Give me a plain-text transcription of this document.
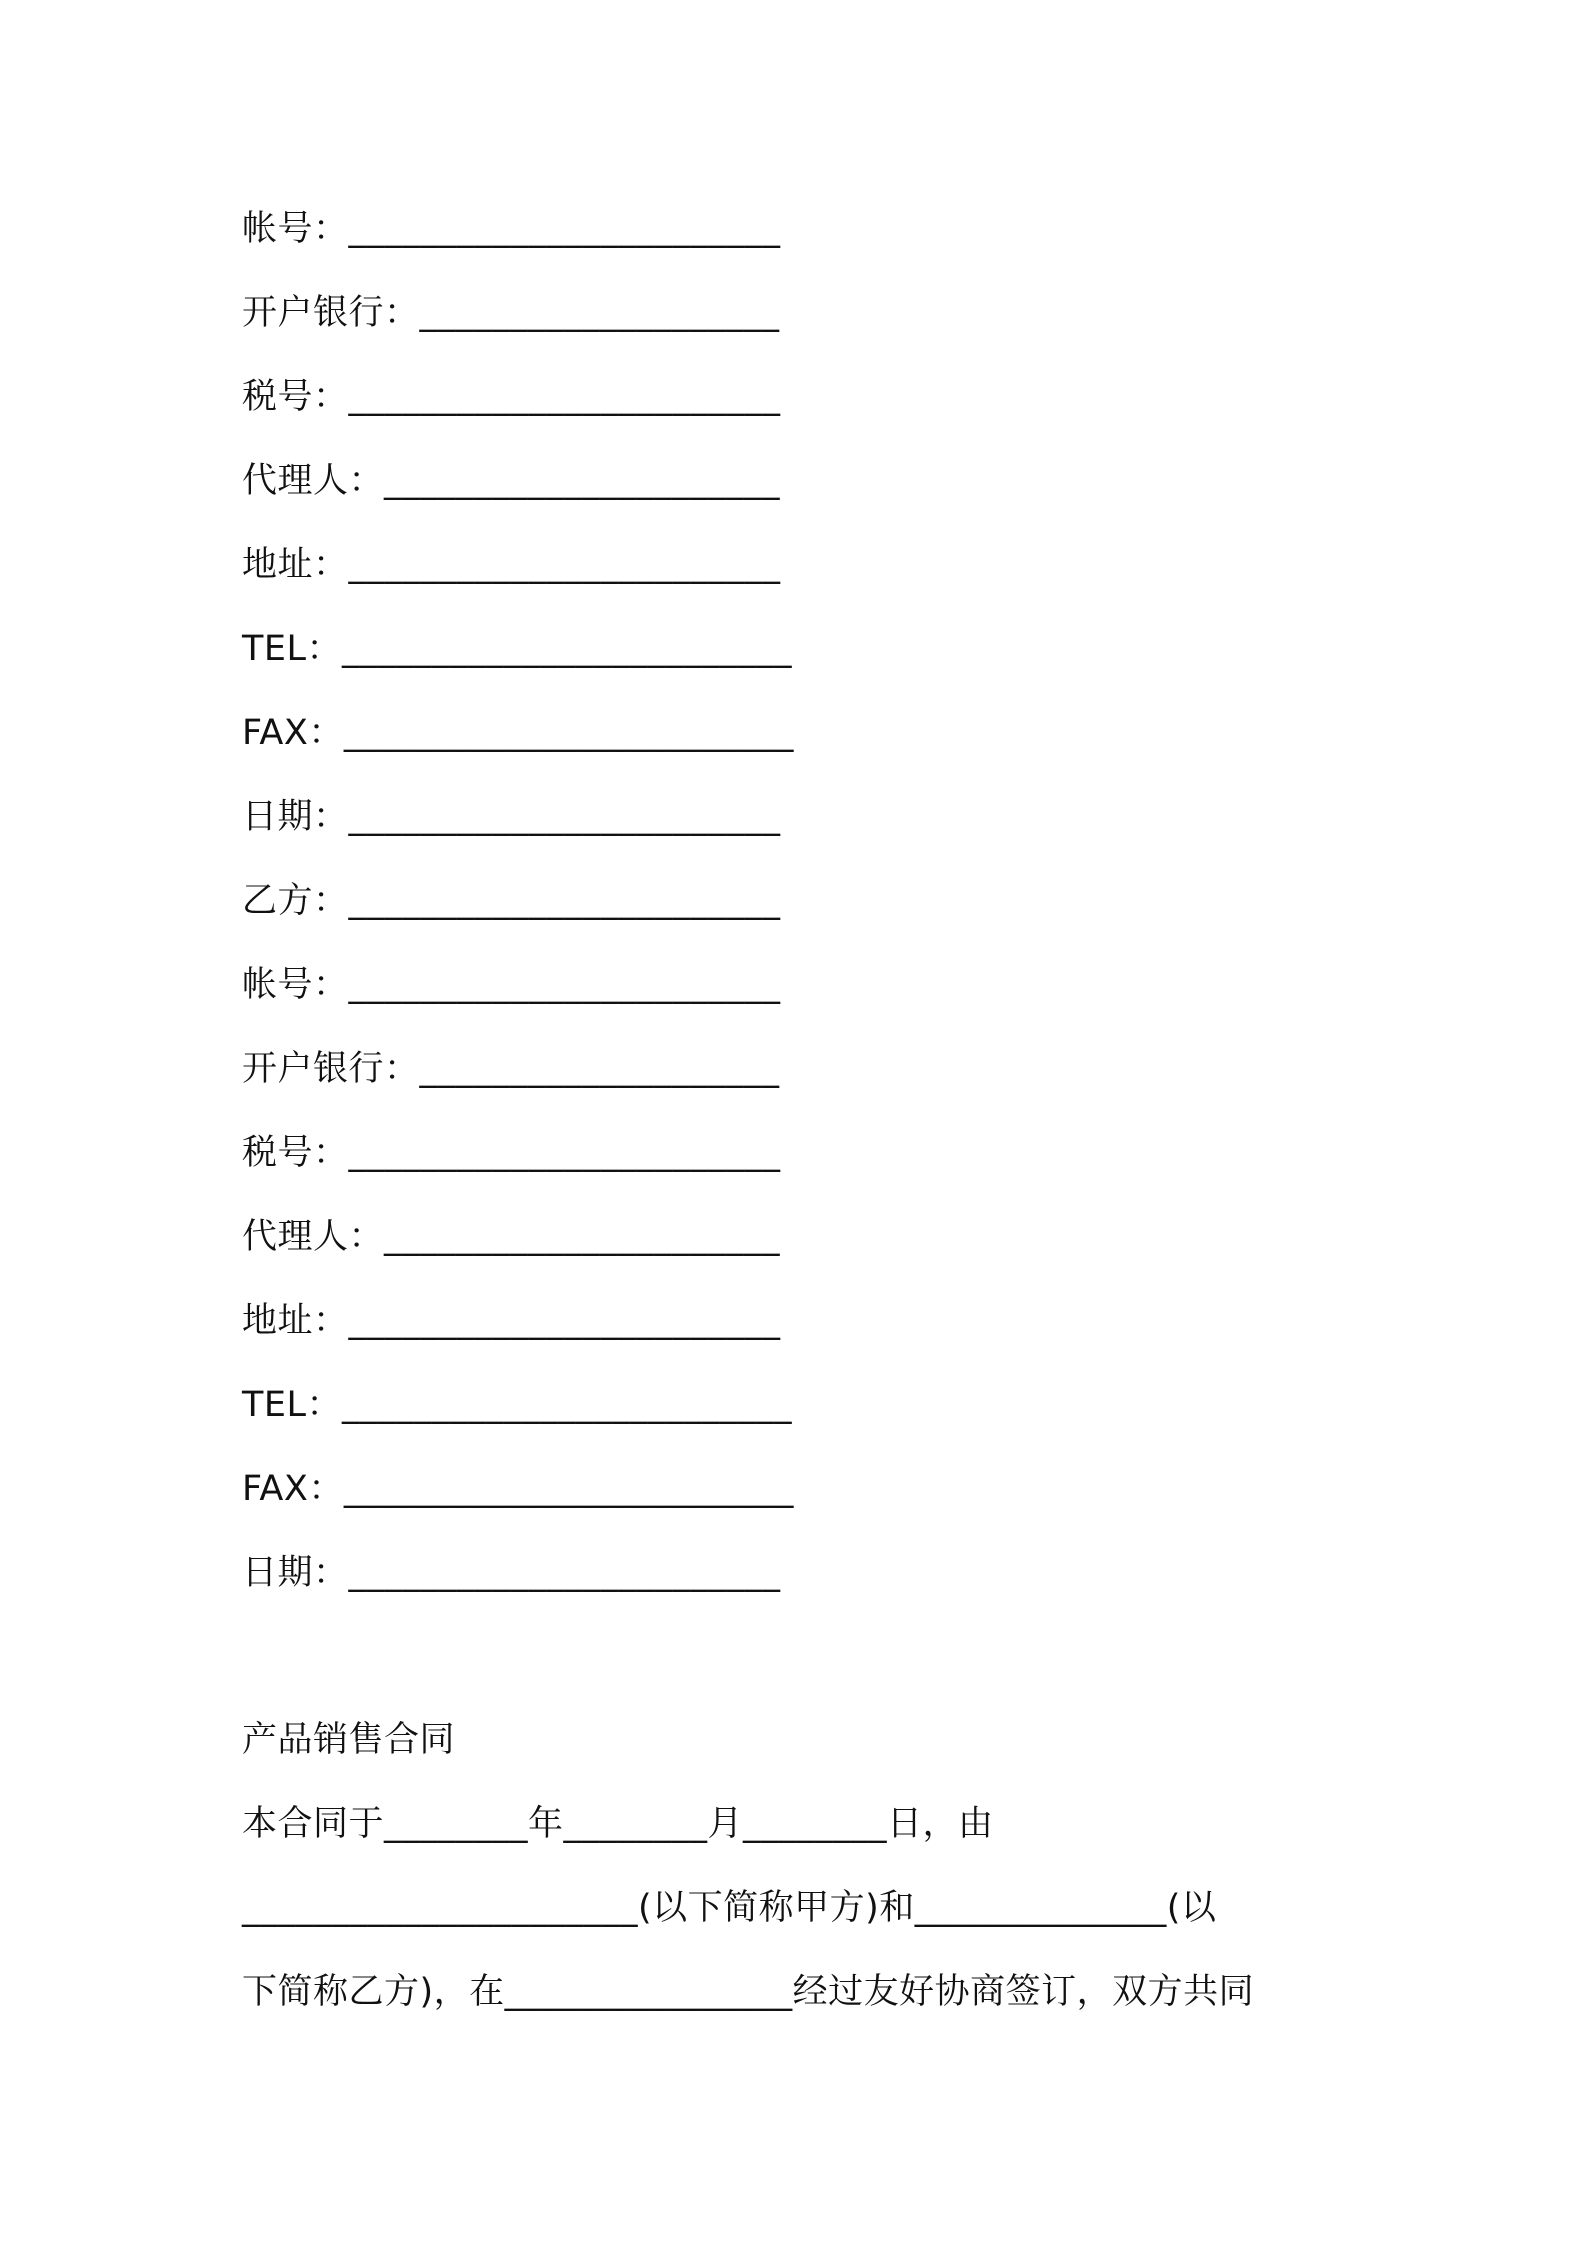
帐号：________________________
开户银行：____________________
税号：________________________
代理人：______________________
地址：________________________
TEL：_________________________
FAX：_________________________
日期：________________________
乙方：________________________
帐号：________________________
开户银行：____________________
税号：________________________
代理人：______________________
地址：________________________
TEL：_________________________
FAX：_________________________
日期：________________________
产品销售合同
本合同于________年________月________日，由
______________________(以下简称甲方)和______________(以
下简称乙方)，在________________经过友好协商签订，双方共同
